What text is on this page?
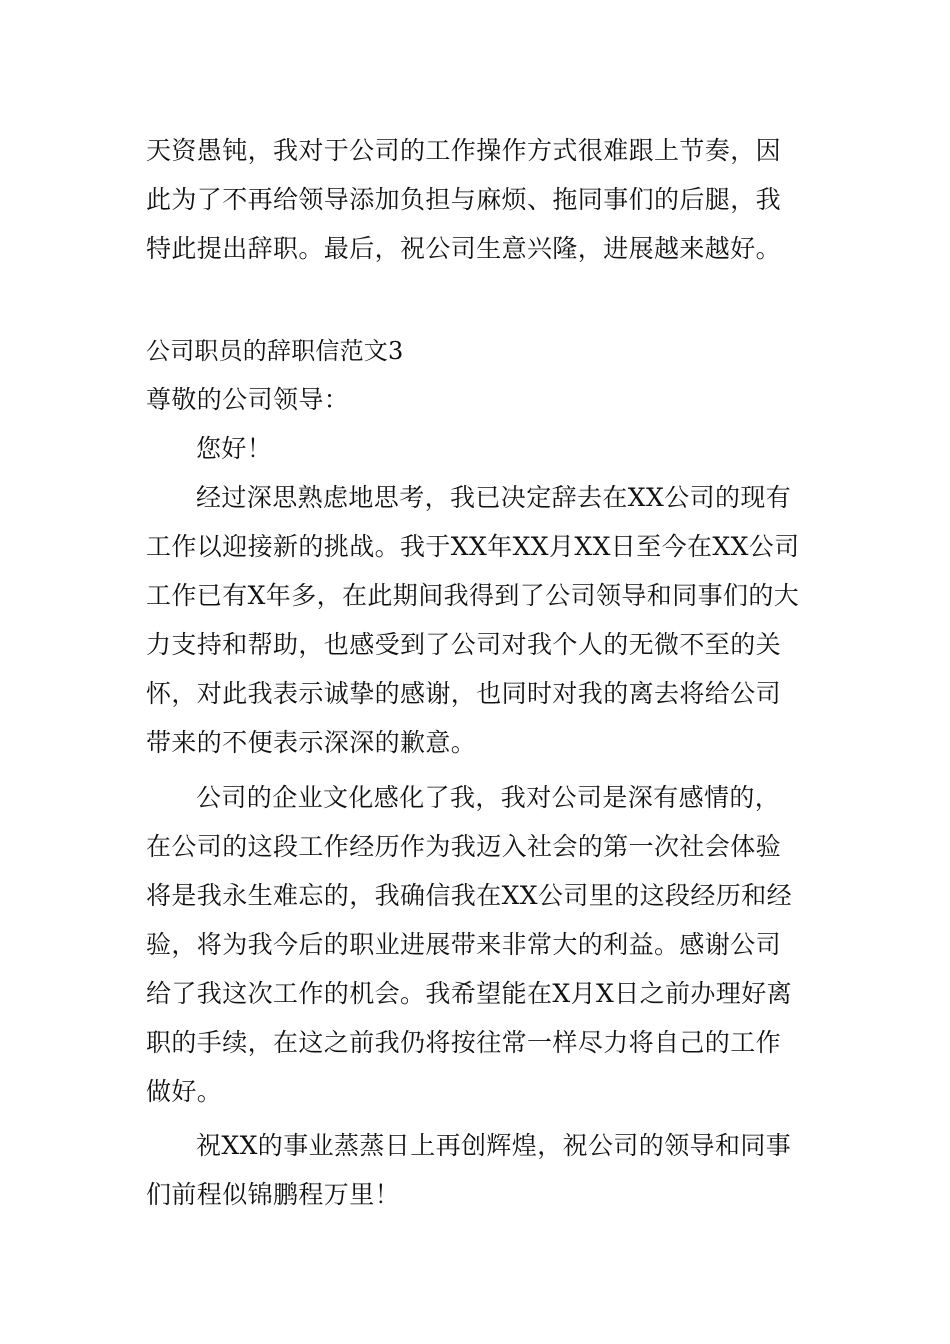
天资愚钝，我对于公司的工作操作方式很难跟上节奏，因
此为了不再给领导添加负担与麻烦、拖同事们的后腿，我
特此提出辞职。最后，祝公司生意兴隆，进展越来越好。
公司职员的辞职信范文3
尊敬的公司领导：
您好！
经过深思熟虑地思考，我已决定辞去在XX公司的现有
工作以迎接新的挑战。我于XX年XX月XX日至今在XX公司
工作已有X年多，在此期间我得到了公司领导和同事们的大
力支持和帮助，也感受到了公司对我个人的无微不至的关
怀，对此我表示诚挚的感谢，也同时对我的离去将给公司
带来的不便表示深深的歉意。
公司的企业文化感化了我，我对公司是深有感情的，
在公司的这段工作经历作为我迈入社会的第一次社会体验
将是我永生难忘的，我确信我在XX公司里的这段经历和经
验，将为我今后的职业进展带来非常大的利益。感谢公司
给了我这次工作的机会。我希望能在X月X日之前办理好离
职的手续，在这之前我仍将按往常一样尽力将自己的工作
做好。
祝XX的事业蒸蒸日上再创辉煌，祝公司的领导和同事
们前程似锦鹏程万里！
